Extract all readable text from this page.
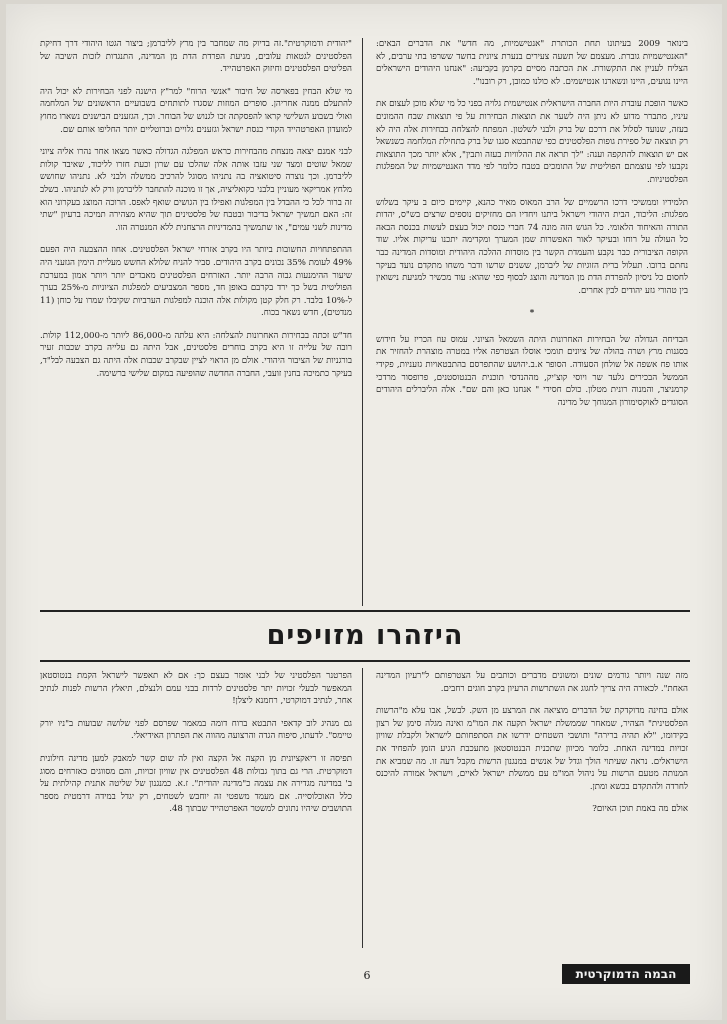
בינואר 2009 בעיתונו תחת הכותרת "אנטישמיות, מה חדש" את הדברים הבאים: "האנטישמיות גוברת. מעצמם של תשעה צעירים בנערת ציונית בחשד ששרפו בתי ערבים, לא הצליח לעניין את התקשורת. את הכתבה מסיים בקרמן בקביעה: "אנחנו היהודים הישראלים היינו נגועים, היינו ונשארנו אנטישמים. לא כולנו כמובן, רק רובנו".

כאשר הופכת עובדת היות החברה הישראלית אנטישמית גלויה בפני כל מי שלא מוכן לעצום את עיניו, מתברר מדוע לא ניתן היה לשער את תוצאות הבחירות על פי תוצאות שבח ההמונים בעזה, שנועד לסלול את דרכם של ברק ולבני לשלטון. המפתח להצלחה בבחירות אלה היה לא רק תוצאה של ספירת גופות הפלסטינים כפי שהתבטא סגנו של ברק בתחילת המלחמה כשנשאל אם יש תוצאות להתקפה וענה: "לך תראה את ההלוויות בעזה ותבין", אלא יותר מכך התוצאות נקבעו לפי עוצמתם הפוליטית של התומכים בטבח כלומר לפי מדד האנטישמיות של המפלגות הפלסטיניות.

תלמידיו וממשיכי דרכו הרשמיים של הרב המאוס מאיר כהנא, קיימים כיום ב עיקר בשלוש מפלגות: הליכוד, הבית היהודי וישראל ביתנו ויחדיו הם מחזיקים נוספים שרצים בש"ס, יהדות התורה והאיחוד הלאומי. כל הגוש הזה מונה 74 חברי כנסת יכול בעצם לעשות בכנסת הבאה כל העולה על רוחו ובעיקר לאור האפשרות שמן המערך ומקדימה יתכנו עריקות אליו. שוד הקופה הציבורית כבר נקבע והעמדת הקשר בין מוסדות ההלכה היהודית ומוסדות המדינה כבר נחתם ברובו. תעלול ברית הזוגיות של ליברמן, ששנים שרשו ודבר משחו מתקדם נועד בעיקר לחסום כל ניסיון להפרדת הדת מן המדינה והוצג לבסוף כפי שהוא: עוד מכשיר למניעת נישואין בין טהורי גזע יהודים לבין אחרים.

*

הבדיחה הגדולה של הבחירות האחרונות היתה השמאל הציוני. עמוס עוז הכריז על חידוש בסגנות מרץ ושרה בהולה של ציונים תומכי אוסלו הצטרפה אליו במטרה מוצהרת להחזיר את אותו פח אשפה אל שולחן הסעודה. הסופר א.ב.יהושע שהתפרסם בהתבטאויות גזעניות, פקידי הממשל הבכירים גלעד שר ויוסי קוצ'יק, מההנדסי תוכנית הבנטוסטנים, פרופסור מרדכי קרמניצר, והמנוה רונית מטלון. כולם חסידי " אנחנו כאן והם שם". אלה הליברלים היהודים הסוגדים לאוקסימורון המגוחך של מדינה

"יהודית ודמוקרטית".זה בדיוק מה שמחבר בין מרץ לליברמן; ביצור הגטו היהודי דרך דחיקת הפלסטינים לגטאות עלובים, מניעת הפרדת הדת מן המדינה, התנגדות לזכות השיבה של הפליטים הפלסטינים וחיזוק האפרטהייד.

מי שלא הבחין בפארסה של חיבור "אנשי הרוח" למר"ץ הישנה לפני הבחירות לא יכול היה להתעלם ממנה אחריהן. סופרים המוזות שסגדו לתותחים בשבועיים הראשונים של המלחמה ואולי בשבוע השלישי קראו להפסקתה זכו לגנוש של הבוחר. וכך, הגזענים הבישנים נשארו מחוץ למועדון האפרטהייד הקודי כנסת ישראל וגזענים גלויים וברוטליים יותר החליפו אותם שם.

לבני אמנם יצאה מנצחת מהבחירות כראש המפלגה הגדולה כאשר מצאו אחר נהרו אליה ציוני שמאל שוטים ומצד שני עזבו אותה אלה שהלכו עם שרון וכעת חזרו לליכוד, שאיבד קולות לליברמן. וכך נוצרה סיטואציה בה נתניהו מסוגל להרכיב ממשלה ולבני לא. נתניהו שחושש מלחץ אמריקאי מעוניין בלבני כקואליציה, אך זו מוכנה להתחבר לליברמן ורק לא לנתניהו. בשלב זה ברור לכל כי ההבדל בין המפלגות ואפילו בין הגושים שואף לאפס. הרוכה המוצג בעקרוני הוא זה: האם תמשיך ישראל בדיבור ובטבח של פלסטינים תוך שהיא מצהירה תמיכה ברעיון "שתי מדינות לשני עמים", או שתמשיך בהמדיניות הרצחנית ללא המנטרה הזו.

ההתפתחויות החשובות ביותר היו בקרב אזרחי ישראל הפלסטינים. אחוז ההצבעה היה הפעם 49% לעומת 35% נכונים בקרב היהודים. סביר להניח שלולא החשש מעליית הימין הגזעני היה שיעור ההימנעות גבוה הרבה יותר. האזרחים הפלסטינים מאבדים יותר ויותר אמון במערכת הפוליטית בשל כך ירד בקרבם באופן חד, מספר המצביעים למפלגות הציוניות מ-25% בערך ל-10% בלבד. רק חלק קטן מקולות אלה הוכנה למפלגות הערביות שקיבלו שמרו על כוחן (11 מנדטים), חדש נשאר בכוח.

חד"ש זכתה בבחירות האחרונות להצלחה: היא עלתה מ-86,000 ליותר מ-112,000 קולות. רובה של עלייה זו היא בקרב בוחרים פלסטינים, אבל היתה גם עלייה בקרב שכבות זעיר בורגניות של הציבור היהודי. אולם מן הראוי לציין שבקרב שכבות אלה היתה גם הצבעה לבל"ד, בעיקר כתמיכה בחנין זועבי, החברה החדשה שהופיעה במקום שלישי ברשימה.

היזהרו מזויפים

מזה שנה ויותר גורמים שונים ומשונים מדברים וכותבים על הצטרפותם ל"רעיון המדינה האחת". לכאורה היה צריך לחגוג את השתרשות הרעיון בקרב חוגים רחבים.

אולם בחינה מדוקדקת של הדברים מוציאה את המרצע מן השק. לבשל, אבו עלא מ"הרשות הפלסטינית" הצהיר, שמאחר שממשלת ישראל תקעה את המו"מ ואינה מגלה סימן של רצון בקידומו, "לא תהיה ברירה" ותושבי השטחים ידרשו את הסתפחותם לישראל ולקבלת שוויון זכויות במדינה האחת. כלומר מכיוון שתכנית הבנטוסטאן מתעכבת הגיע הזמן להפחיד את הישראלים. נראה שעיתוי הולך וגדל של אנשים במנגנון הרשות מקבל דעה זו. מה שמביא את המנותה מטעם הרשות על ניהול המו"מ עם ממשלת ישראל לאיים, וישראל אמורה להיכנס לחרדה ולהתקדם בכשא ומתן.

אולם מה באמת תוכן האיום?

הפרטנר הפלסטיני של לבני אומר בעצם כך: אם לא תאפשר לישראל הקמת בנטוסטאן המאפשר לבעלי זכויות יתר פלסטינים לרדות בבני עמם ולנצלם, תיאלץ הרשות לפנות לנתיב אחר, לנתיב דמוקרטי, רחמנא ליצלן!

גם מנהיג לוב קדאפי התבטא ברוח דומה במאמר שפרסם לפני שלושה שבועות ב"ניו יורק טיימס". לדעתו, סיפוח הגדה והרצועה מהווה את הפתרון האידיאלי.

תפיסה זו ריאקציונית מן הקצה אל הקצה ואין לה שום קשר למאבק למען מדינה חילונית דמוקרטית. הרי גם בתוך גבולות 48 הפלסטינים אין שוויון זכויות, והם מסווגים כאזרחים מסוג ב' במדינה מגדירה את עצמה כ"מדינה יהודית". ז.א. כמנגנון של שליטה אתנית קהילתית על כלל האוכלוסייה. אם מעמד משפטי זה יוחבש לשטחים, רק יגדל במידה דרמטית מספר התושבים שיהיו נתונים למשטר האפרטהייד שבתוך 48.

6	הבמה הדמוקרטית
